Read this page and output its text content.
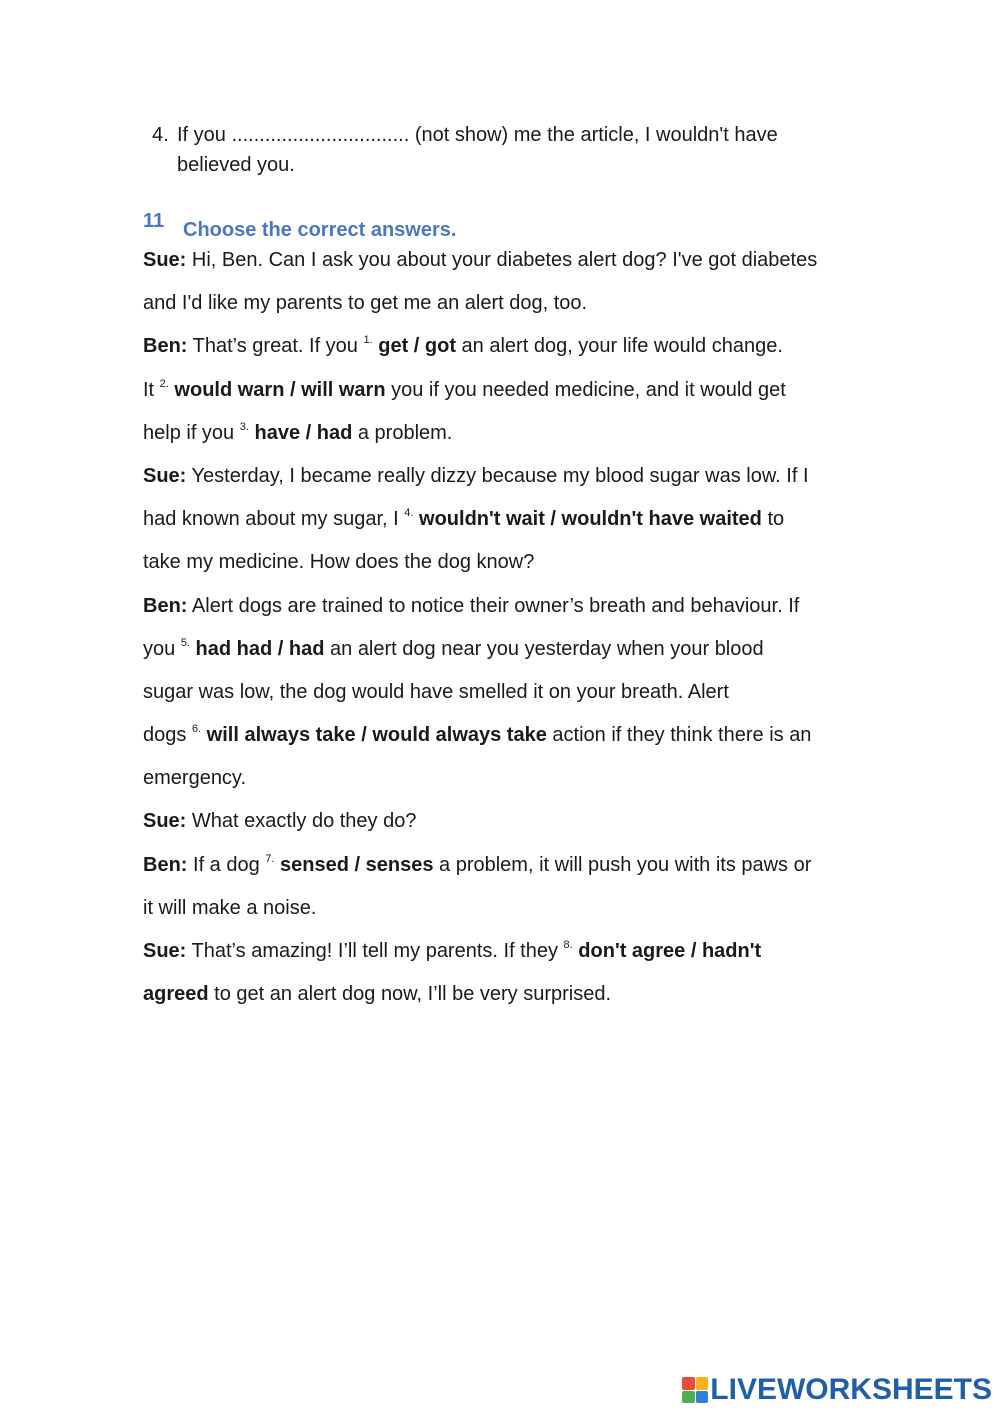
4. If you ................................ (not show) me the article, I wouldn't have
believed you.
11 Choose the correct answers.
Sue: Hi, Ben. Can I ask you about your diabetes alert dog? I've got diabetes
and I'd like my parents to get me an alert dog, too.
Ben: That’s great. If you $^{1.}$ get / got an alert dog, your life would change.
It $^{2.}$ would warn / will warn you if you needed medicine, and it would get
help if you $^{3.}$ have / had a problem.
Sue: Yesterday, I became really dizzy because my blood sugar was low. If I
had known about my sugar, I $^{4.}$ wouldn't wait / wouldn't have waited to
take my medicine. How does the dog know?
Ben: Alert dogs are trained to notice their owner’s breath and behaviour. If
you $^{5.}$ had had / had an alert dog near you yesterday when your blood
sugar was low, the dog would have smelled it on your breath. Alert
dogs $^{6.}$ will always take / would always take action if they think there is an
emergency.
Sue: What exactly do they do?
Ben: If a dog $^{7.}$ sensed / senses a problem, it will push you with its paws or
it will make a noise.
Sue: That’s amazing! I’ll tell my parents. If they $^{8.}$ don't agree / hadn't
agreed to get an alert dog now, I’ll be very surprised.
LIVEWORKSHEETS
